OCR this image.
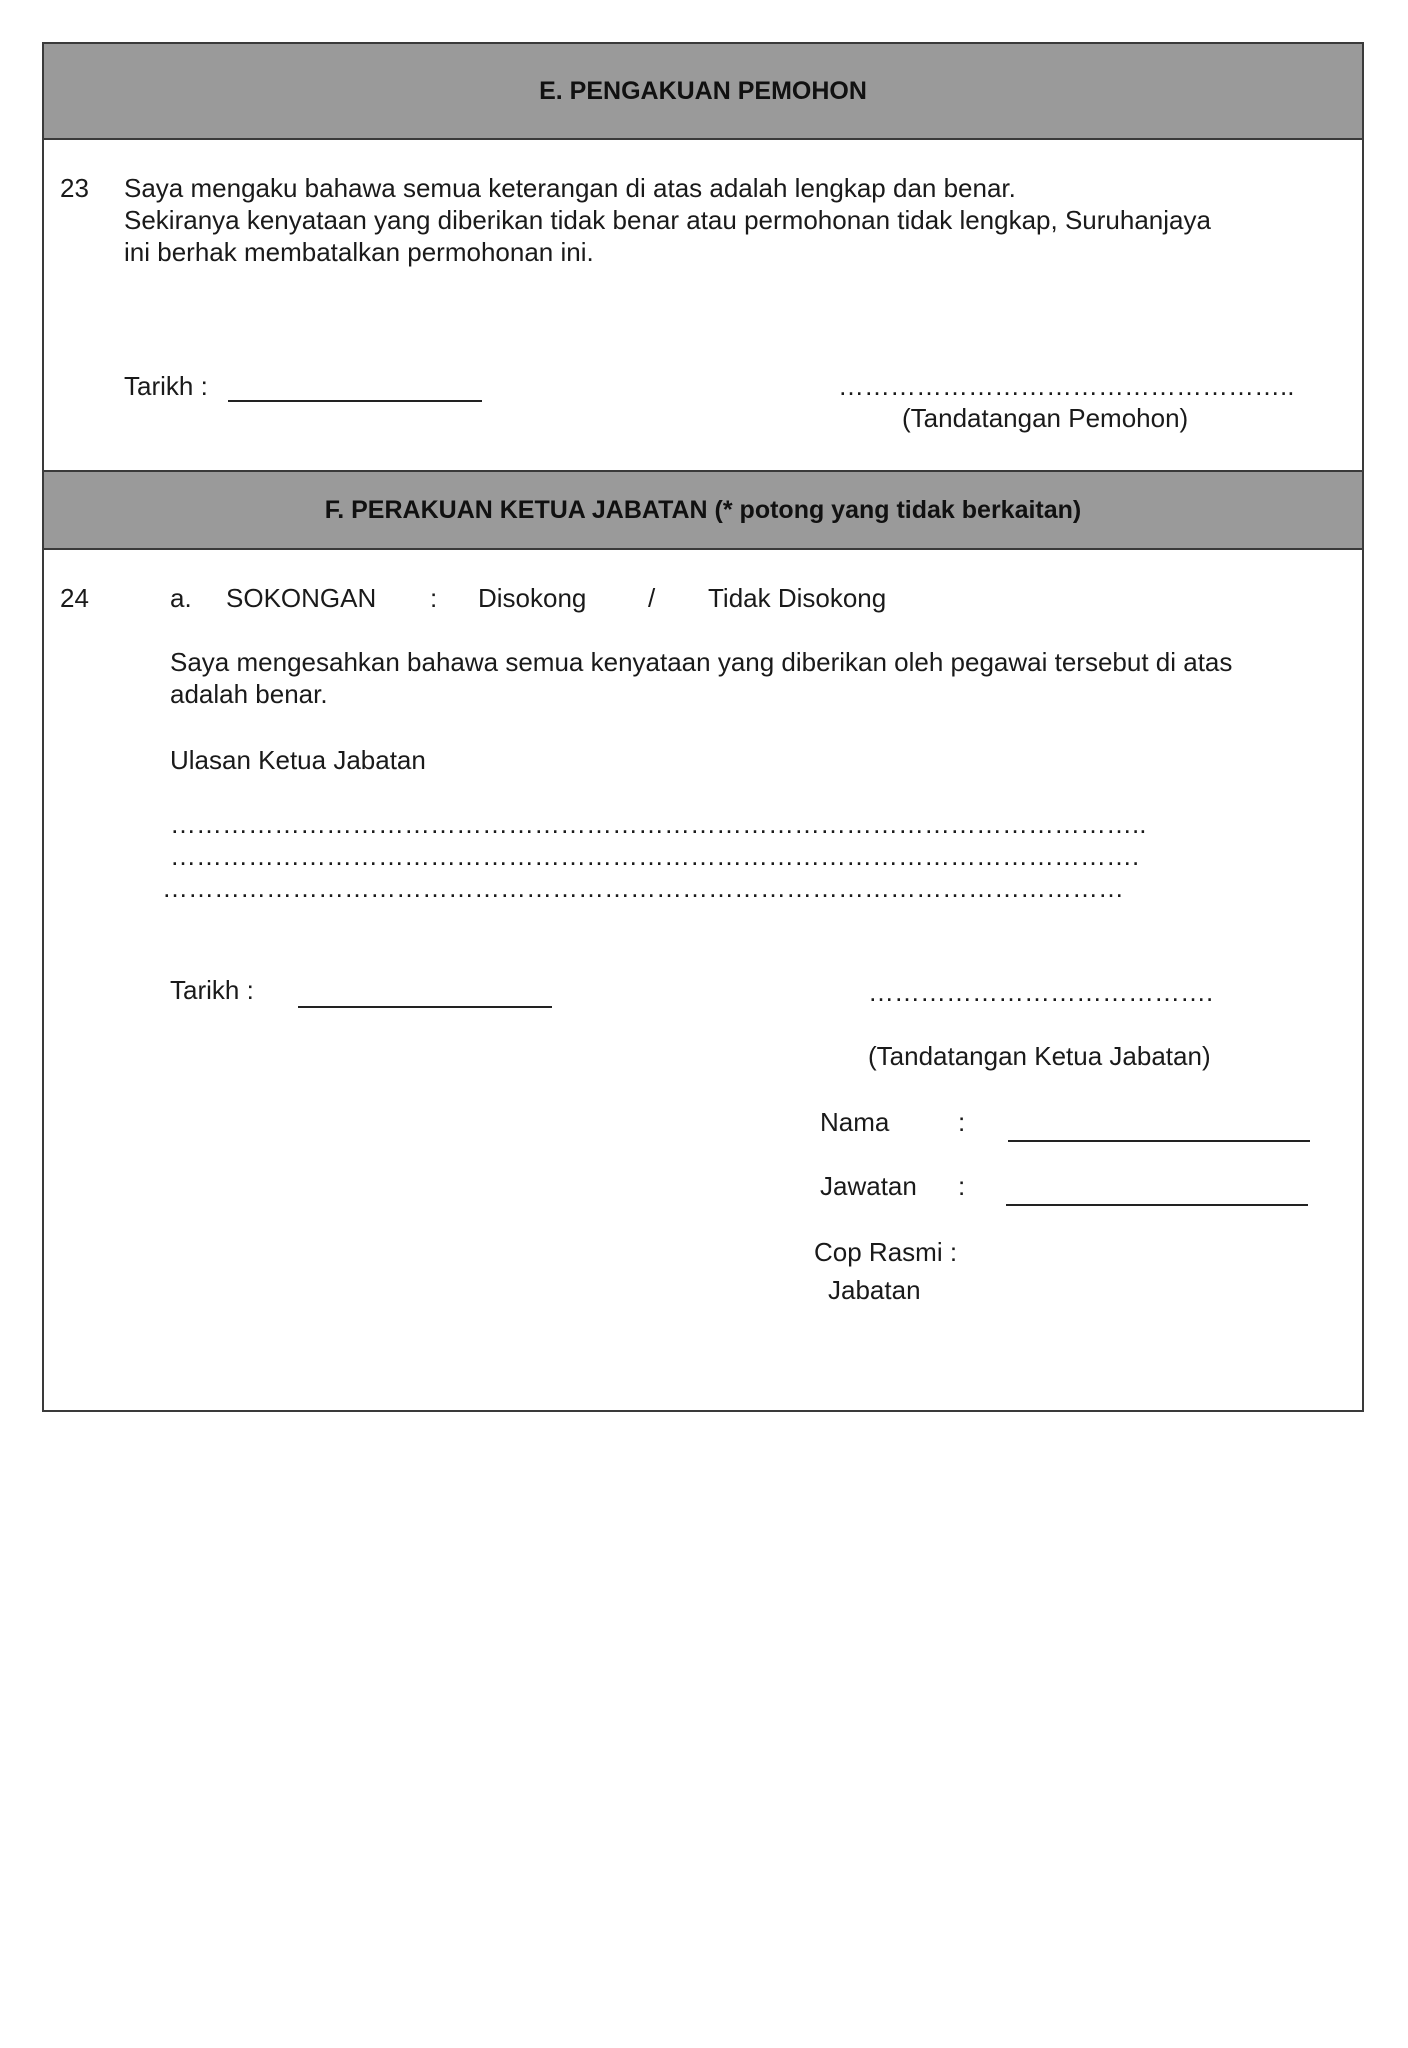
E. PENGAKUAN PEMOHON
23 Saya mengaku bahawa semua keterangan di atas adalah lengkap dan benar.
Sekiranya kenyataan yang diberikan tidak benar atau permohonan tidak lengkap, Suruhanjaya
ini berhak membatalkan permohonan ini.
Tarikh :	……………………………………………..
(Tandatangan Pemohon)
F. PERAKUAN KETUA JABATAN (* potong yang tidak berkaitan)
24	a. SOKONGAN : Disokong / Tidak Disokong
Saya mengesahkan bahawa semua kenyataan yang diberikan oleh pegawai tersebut di atas
adalah benar.
Ulasan Ketua Jabatan
…………………………………………………………………………………………………..
………………………………………………………………………………………………….
…………………………………………………………………………………………………
Tarikh :	………………………………….
(Tandatangan Ketua Jabatan)
Nama	:
Jawatan :
Cop Rasmi :
Jabatan
